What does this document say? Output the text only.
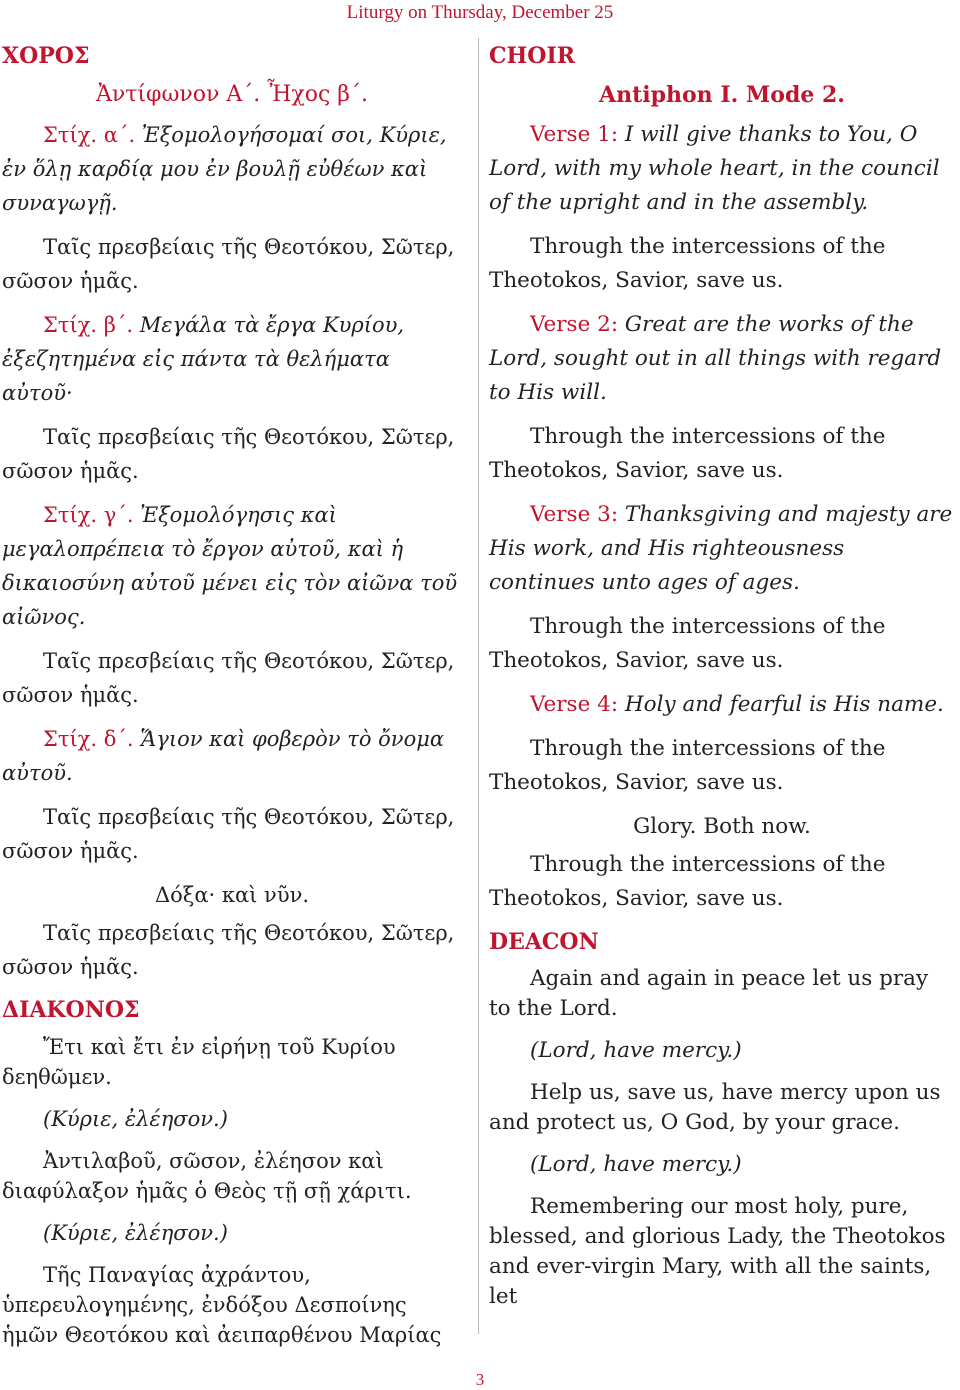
Liturgy on Thursday, December 25
ΧΟΡΟΣ

Ἀντίφωνον Α΄. Ἦχος β΄.

Στίχ. α΄. Ἐξομολογήσομαί σοι, Κύριε, ἐν ὅλῃ καρδίᾳ μου ἐν βουλῇ εὐθέων καὶ συναγωγῇ.

Ταῖς πρεσβείαις τῆς Θεοτόκου, Σῶτερ, σῶσον ἡμᾶς.

Στίχ. β΄. Μεγάλα τὰ ἔργα Κυρίου, ἐξεζητημένα εἰς πάντα τὰ θελήματα αὐτοῦ·

Ταῖς πρεσβείαις τῆς Θεοτόκου, Σῶτερ, σῶσον ἡμᾶς.

Στίχ. γ΄. Ἐξομολόγησις καὶ μεγαλοπρέπεια τὸ ἔργον αὐτοῦ, καὶ ἡ δικαιοσύνη αὐτοῦ μένει εἰς τὸν αἰῶνα τοῦ αἰῶνος.

Ταῖς πρεσβείαις τῆς Θεοτόκου, Σῶτερ, σῶσον ἡμᾶς.

Στίχ. δ΄. Ἅγιον καὶ φοβερὸν τὸ ὄνομα αὐτοῦ.

Ταῖς πρεσβείαις τῆς Θεοτόκου, Σῶτερ, σῶσον ἡμᾶς.

Δόξα· καὶ νῦν.

Ταῖς πρεσβείαις τῆς Θεοτόκου, Σῶτερ, σῶσον ἡμᾶς.

ΔΙΑΚΟΝΟΣ

Ἔτι καὶ ἔτι ἐν εἰρήνῃ τοῦ Κυρίου δεηθῶμεν.

(Κύριε, ἐλέησον.)

Ἀντιλαβοῦ, σῶσον, ἐλέησον καὶ διαφύλαξον ἡμᾶς ὁ Θεὸς τῇ σῇ χάριτι.

(Κύριε, ἐλέησον.)

Τῆς Παναγίας ἀχράντου, ὑπερευλογημένης, ἐνδόξου Δεσποίνης ἡμῶν Θεοτόκου καὶ ἀειπαρθένου Μαρίας

CHOIR

Antiphon I. Mode 2.

Verse 1: I will give thanks to You, O Lord, with my whole heart, in the council of the upright and in the assembly.

Through the intercessions of the Theotokos, Savior, save us.

Verse 2: Great are the works of the Lord, sought out in all things with regard to His will.

Through the intercessions of the Theotokos, Savior, save us.

Verse 3: Thanksgiving and majesty are His work, and His righteousness continues unto ages of ages.

Through the intercessions of the Theotokos, Savior, save us.

Verse 4: Holy and fearful is His name.

Through the intercessions of the Theotokos, Savior, save us.

Glory. Both now.

Through the intercessions of the Theotokos, Savior, save us.

DEACON

Again and again in peace let us pray to the Lord.

(Lord, have mercy.)

Help us, save us, have mercy upon us and protect us, O God, by your grace.

(Lord, have mercy.)

Remembering our most holy, pure, blessed, and glorious Lady, the Theotokos and ever-virgin Mary, with all the saints, let

3
